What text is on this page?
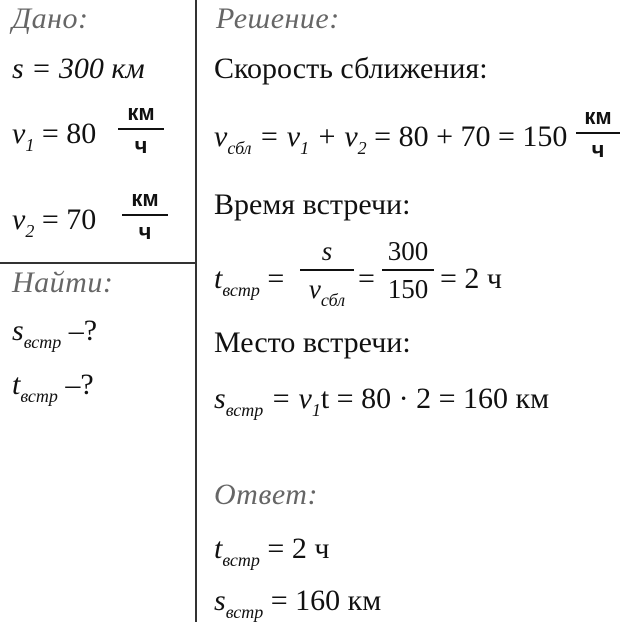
Дано:
s = 300 км
$v_1 = 80$
км
ч
$v_2 = 70$
км
ч
Найти:
$s_{встр}$ –?
$t_{встр}$ –?
Решение:
Скорость сближения:
$v_{сбл} = v_1 + v_2 = 80 + 70 = 150$
км
ч
Время встречи:
$t_{встр}$ =
s
$v_{сбл}$
=
300
150 = 2 ч
Место встречи:
$s_{встр} = v_1t = 80 \cdot 2 = 160$ км
Ответ:
$t_{встр} = 2$ ч
$s_{встр} = 160$ км
